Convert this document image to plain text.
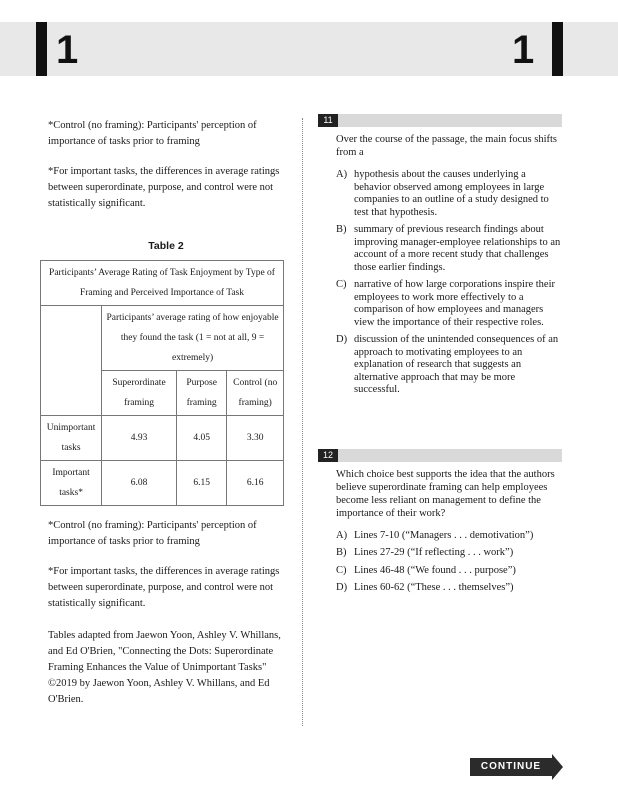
1	1

*Control (no framing): Participants' perception of importance of tasks prior to framing

*For important tasks, the differences in average ratings between superordinate, purpose, and control were not statistically significant.

Table 2
Participants’ Average Rating of Task Enjoyment by Type of Framing and Perceived Importance of Task			
	Participants’ average rating of how enjoyable they found the task (1 = not at all, 9 = extremely)		
	Superordinate framing	Purpose framing	Control (no framing)
Unimportant tasks	4.93	4.05	3.30
Important tasks*	6.08	6.15	6.16

*Control (no framing): Participants' perception of importance of tasks prior to framing

*For important tasks, the differences in average ratings between superordinate, purpose, and control were not statistically significant.

Tables adapted from Jaewon Yoon, Ashley V. Whillans, and Ed O'Brien, "Connecting the Dots: Superordinate Framing Enhances the Value of Unimportant Tasks" ©2019 by Jaewon Yoon, Ashley V. Whillans, and Ed O'Brien.

11

Over the course of the passage, the main focus shifts from a

A) hypothesis about the causes underlying a behavior observed among employees in large companies to an outline of a study designed to test that hypothesis.
B) summary of previous research findings about improving manager-employee relationships to an account of a more recent study that challenges those earlier findings.
C) narrative of how large corporations inspire their employees to work more effectively to a comparison of how employees and managers view the importance of their respective roles.
D) discussion of the unintended consequences of an approach to motivating employees to an explanation of research that suggests an alternative approach that may be more successful.
12

Which choice best supports the idea that the authors believe superordinate framing can help employees become less reliant on management to define the importance of their work?

A) Lines 7-10 (“Managers . . . demotivation”)
B) Lines 27-29 (“If reflecting . . . work”)
C) Lines 46-48 (“We found . . . purpose”)
D) Lines 60-62 (“These . . . themselves”)
CONTINUE
